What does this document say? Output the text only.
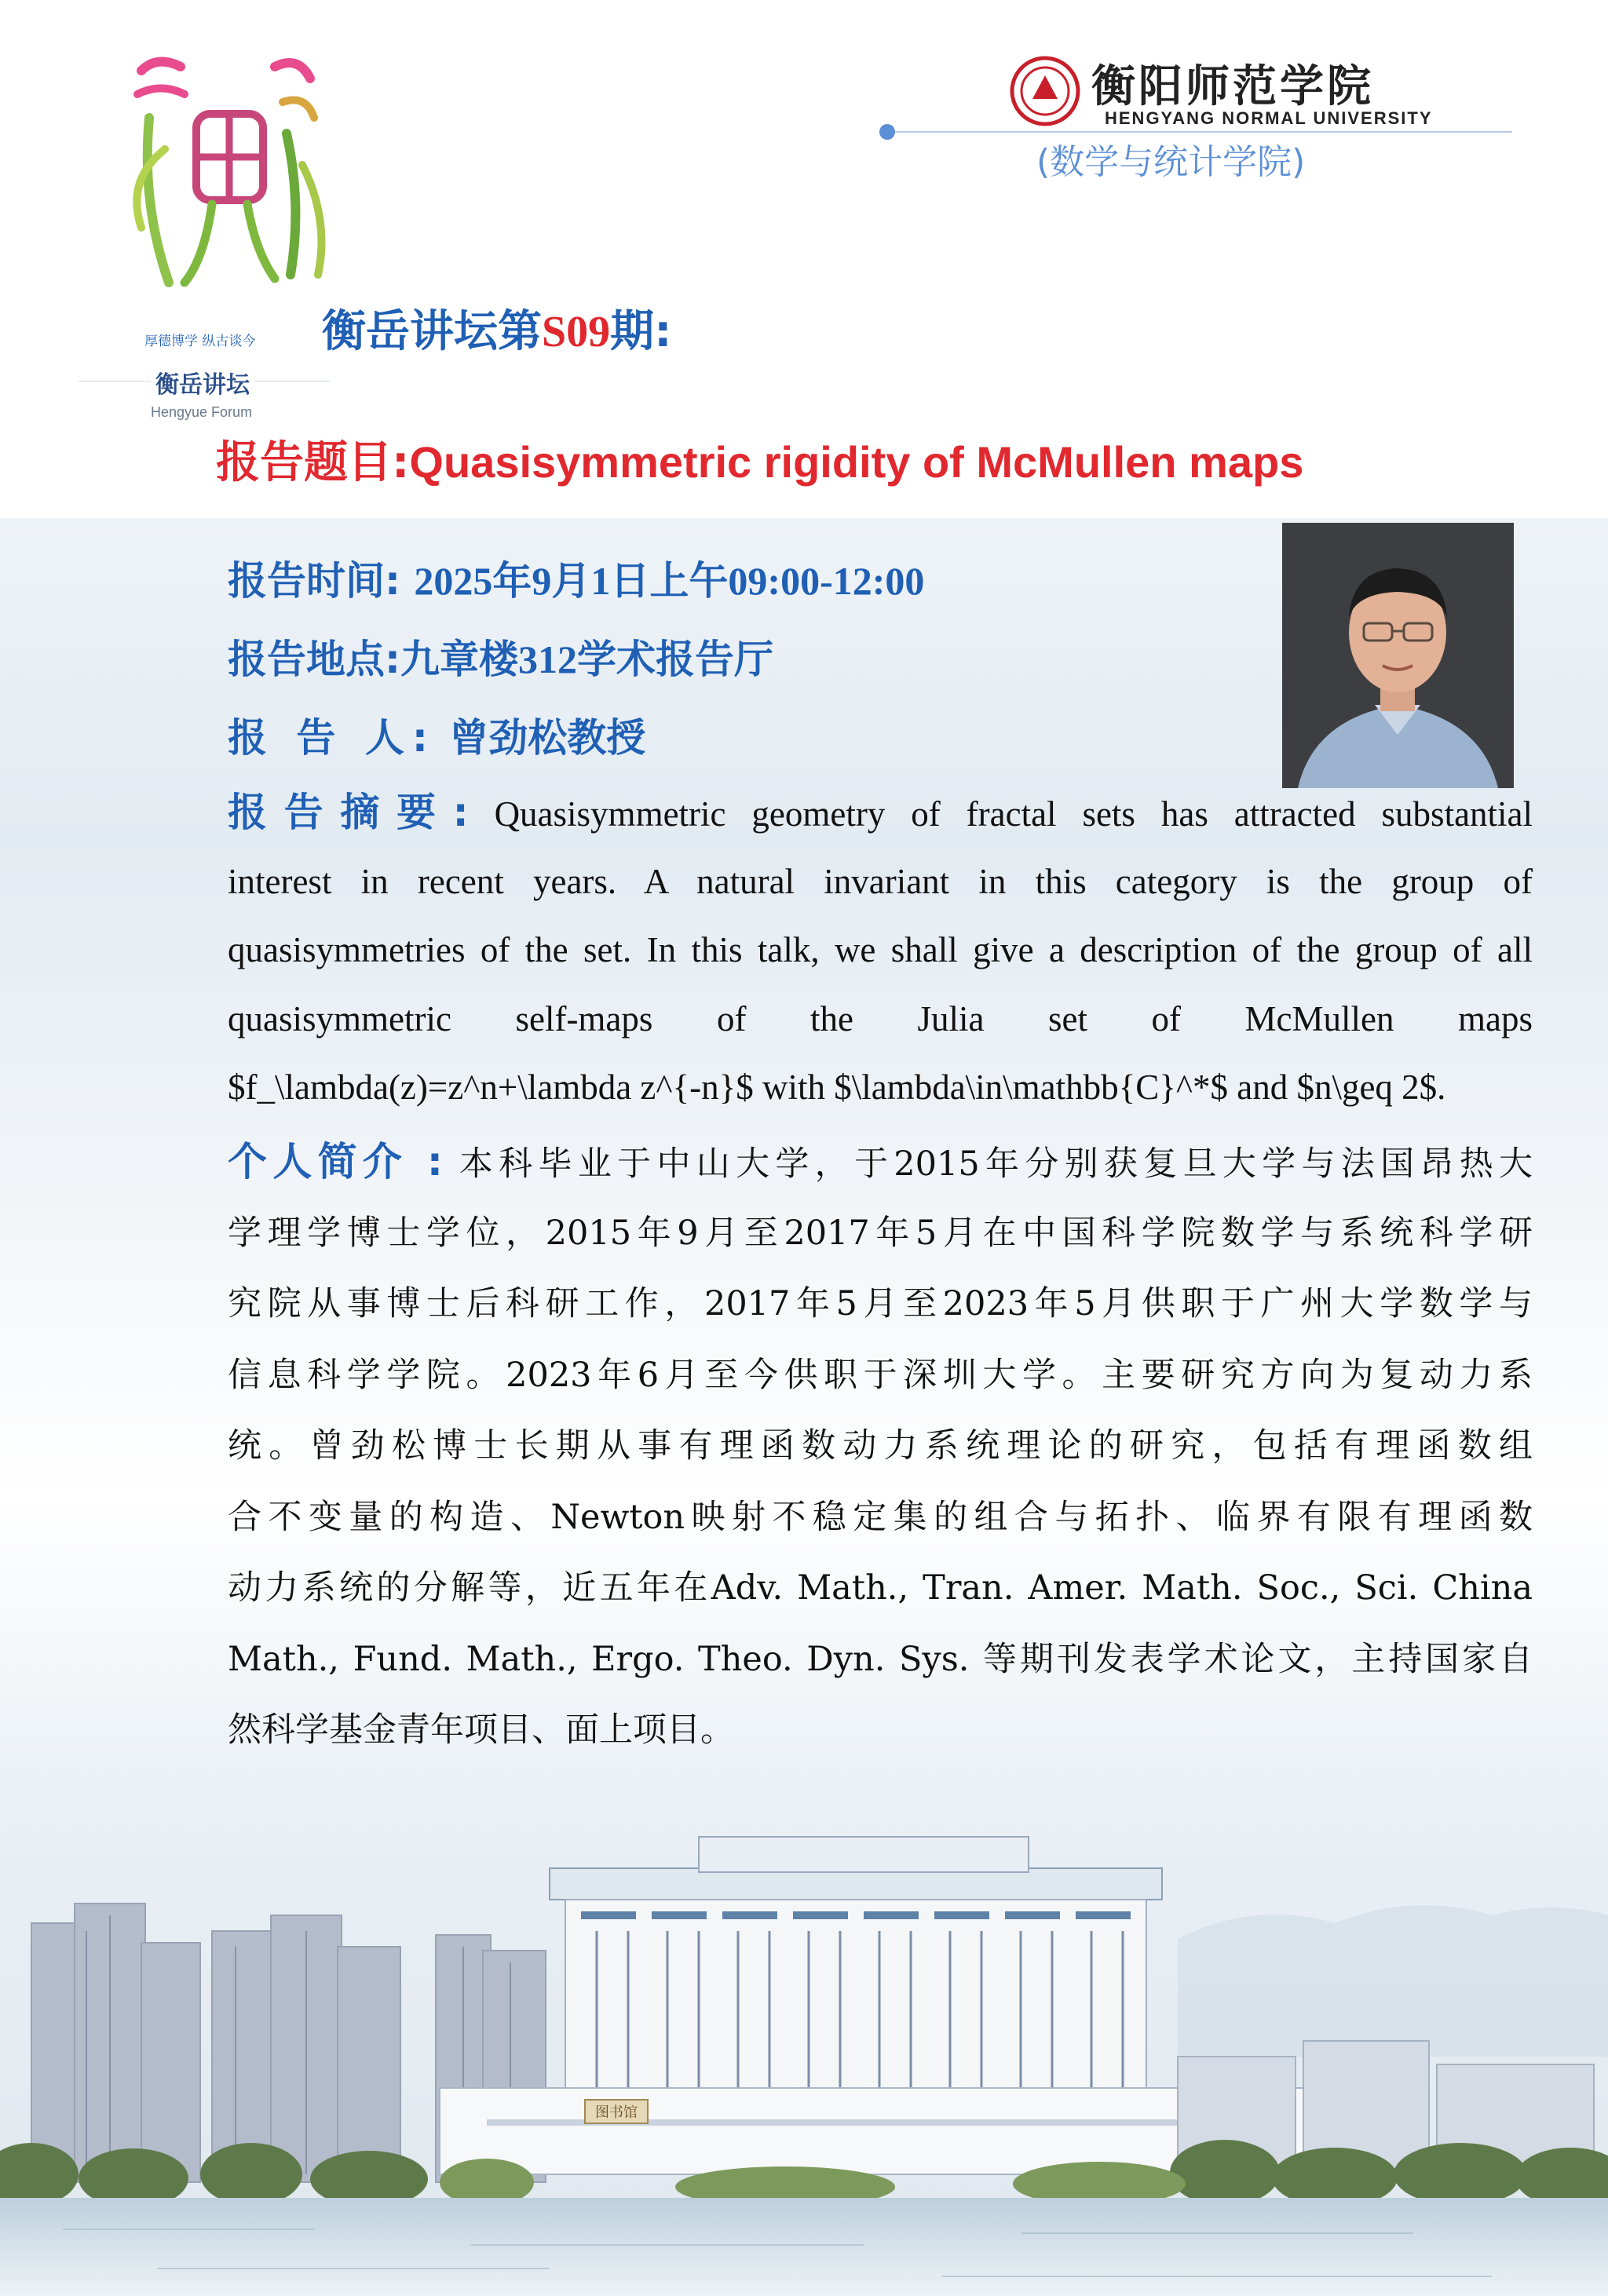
厚德博学 纵古谈今
衡岳讲坛
Hengyue Forum
衡阳师范学院
HENGYANG NORMAL UNIVERSITY
(数学与统计学院)
衡岳讲坛第S09期:
报告题目:Quasisymmetric rigidity of McMullen maps
报告时间: 2025年9月1日上午09:00-12:00
报告地点:九章楼312学术报告厅
报 告 人: 曾劲松教授
报告摘要: Quasisymmetric geometry of fractal sets has attracted substantial
interest in recent years. A natural invariant in this category is the group of
quasisymmetries of the set. In this talk, we shall give a description of the group of all
quasisymmetric self-maps of the Julia set of McMullen maps
$f_\lambda(z)=z^n+\lambda z^{-n}$ with $\lambda\in\mathbb{C}^*$ and $n\geq 2$.
个人简介 : 本科毕业于中山大学，于2015年分别获复旦大学与法国昂热大
学理学博士学位，2015年9月至2017年5月在中国科学院数学与系统科学研
究院从事博士后科研工作，2017年5月至2023年5月供职于广州大学数学与
信息科学学院。2023年6月至今供职于深圳大学。主要研究方向为复动力系
统。曾劲松博士长期从事有理函数动力系统理论的研究，包括有理函数组
合不变量的构造、Newton映射不稳定集的组合与拓扑、临界有限有理函数
动力系统的分解等，近五年在Adv. Math., Tran. Amer. Math. Soc., Sci. China
Math., Fund. Math., Ergo. Theo. Dyn. Sys. 等期刊发表学术论文，主持国家自
然科学基金青年项目、面上项目。
图书馆
